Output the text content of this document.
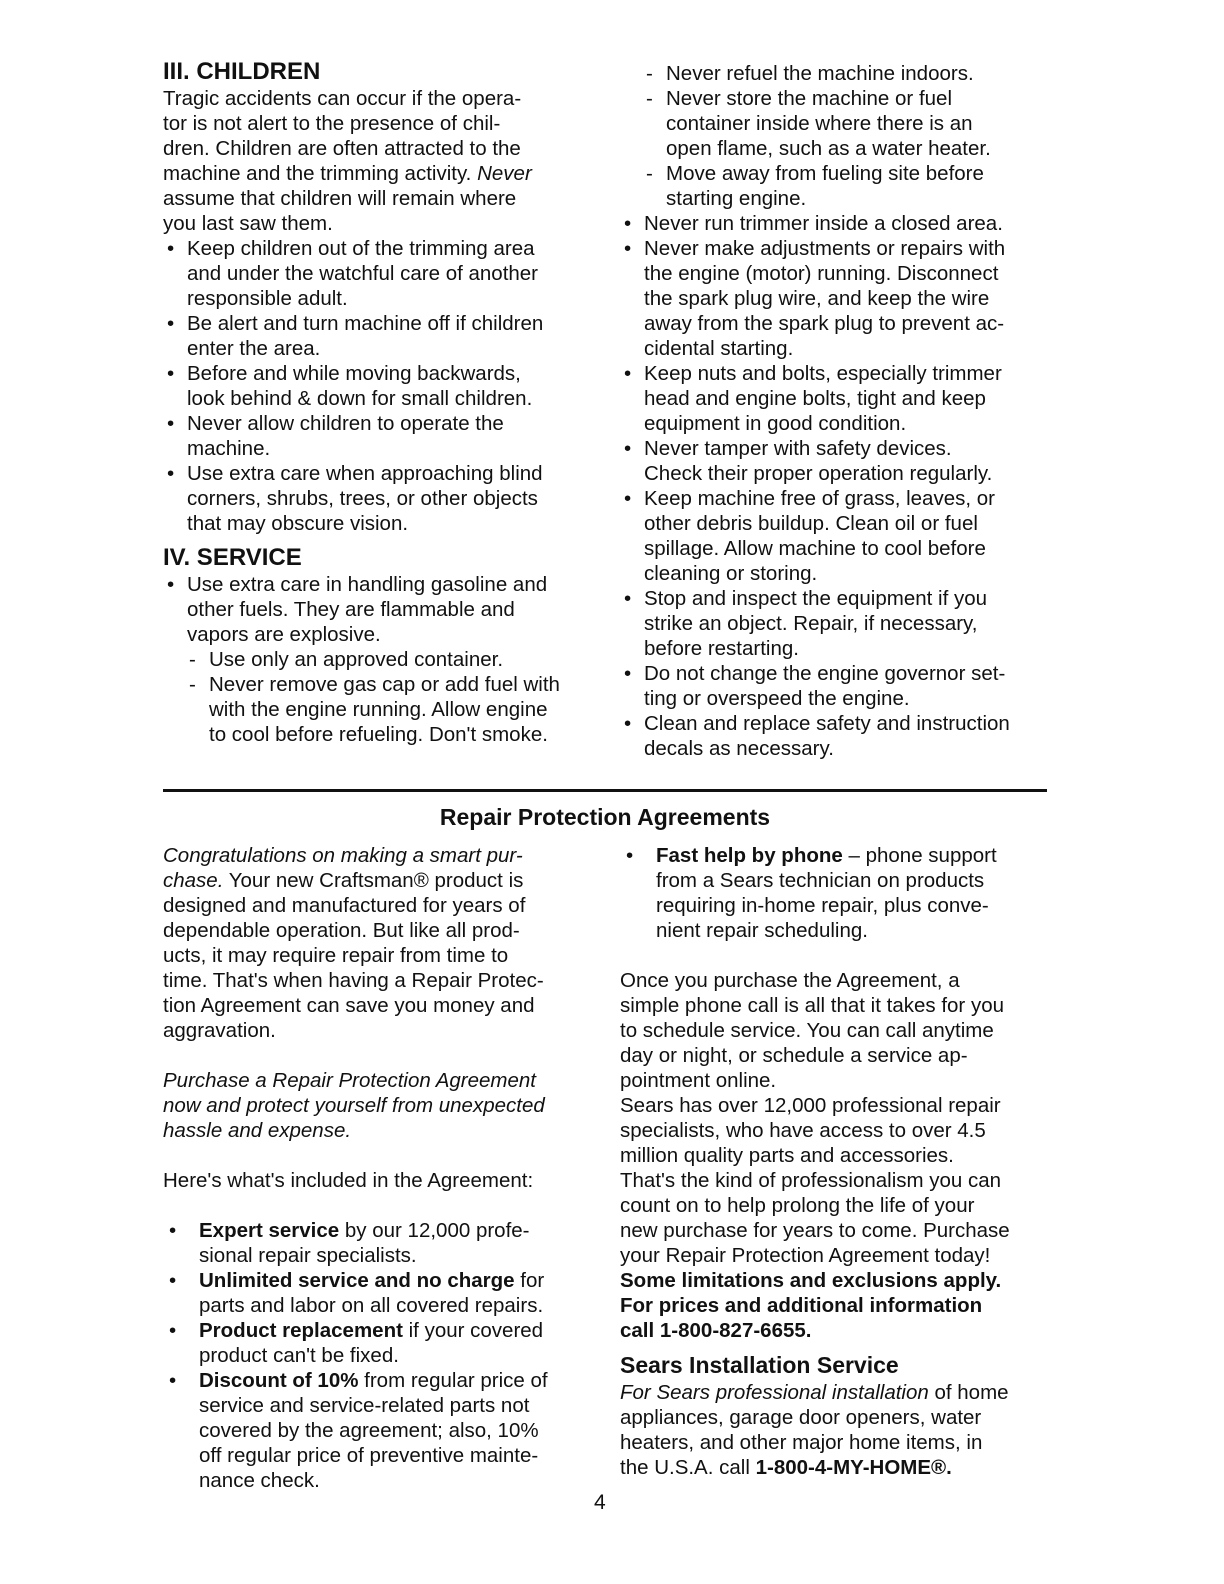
III. CHILDREN

Tragic accidents can occur if the opera-
tor is not alert to the presence of chil-
dren. Children are often attracted to the
machine and the trimming activity. Never
assume that children will remain where
you last saw them.

• Keep children out of the trimming area
and under the watchful care of another
responsible adult.
• Be alert and turn machine off if children
enter the area.
• Before and while moving backwards,
look behind & down for small children.
• Never allow children to operate the
machine.
• Use extra care when approaching blind
corners, shrubs, trees, or other objects
that may obscure vision.
IV. SERVICE
• Use extra care in handling gasoline and
other fuels. They are flammable and
vapors are explosive.
- Use only an approved container.
- Never remove gas cap or add fuel with
with the engine running. Allow engine
to cool before refueling. Don't smoke.
- Never refuel the machine indoors.
- Never store the machine or fuel
container inside where there is an
open flame, such as a water heater.
- Move away from fueling site before
starting engine.
• Never run trimmer inside a closed area.
• Never make adjustments or repairs with
the engine (motor) running. Disconnect
the spark plug wire, and keep the wire
away from the spark plug to prevent ac-
cidental starting.
• Keep nuts and bolts, especially trimmer
head and engine bolts, tight and keep
equipment in good condition.
• Never tamper with safety devices.
Check their proper operation regularly.
• Keep machine free of grass, leaves, or
other debris buildup. Clean oil or fuel
spillage. Allow machine to cool before
cleaning or storing.
• Stop and inspect the equipment if you
strike an object. Repair, if necessary,
before restarting.
• Do not change the engine governor set-
ting or overspeed the engine.
• Clean and replace safety and instruction
decals as necessary.
Repair Protection Agreements

Congratulations on making a smart pur-
chase. Your new Craftsman® product is
designed and manufactured for years of
dependable operation. But like all prod-
ucts, it may require repair from time to
time. That's when having a Repair Protec-
tion Agreement can save you money and
aggravation.

Purchase a Repair Protection Agreement
now and protect yourself from unexpected
hassle and expense.

Here's what's included in the Agreement:

• Expert service by our 12,000 profe-
sional repair specialists.
• Unlimited service and no charge for
parts and labor on all covered repairs.
• Product replacement if your covered
product can't be fixed.
• Discount of 10% from regular price of
service and service-related parts not
covered by the agreement; also, 10%
off regular price of preventive mainte-
nance check.
• Fast help by phone – phone support
from a Sears technician on products
requiring in-home repair, plus conve-
nient repair scheduling.

Once you purchase the Agreement, a
simple phone call is all that it takes for you
to schedule service. You can call anytime
day or night, or schedule a service ap-
pointment online.
Sears has over 12,000 professional repair
specialists, who have access to over 4.5
million quality parts and accessories.
That's the kind of professionalism you can
count on to help prolong the life of your
new purchase for years to come. Purchase
your Repair Protection Agreement today!

Some limitations and exclusions apply.
For prices and additional information
call 1-800-827-6655.

Sears Installation Service

For Sears professional installation of home
appliances, garage door openers, water
heaters, and other major home items, in
the U.S.A. call 1-800-4-MY-HOME®.

4
